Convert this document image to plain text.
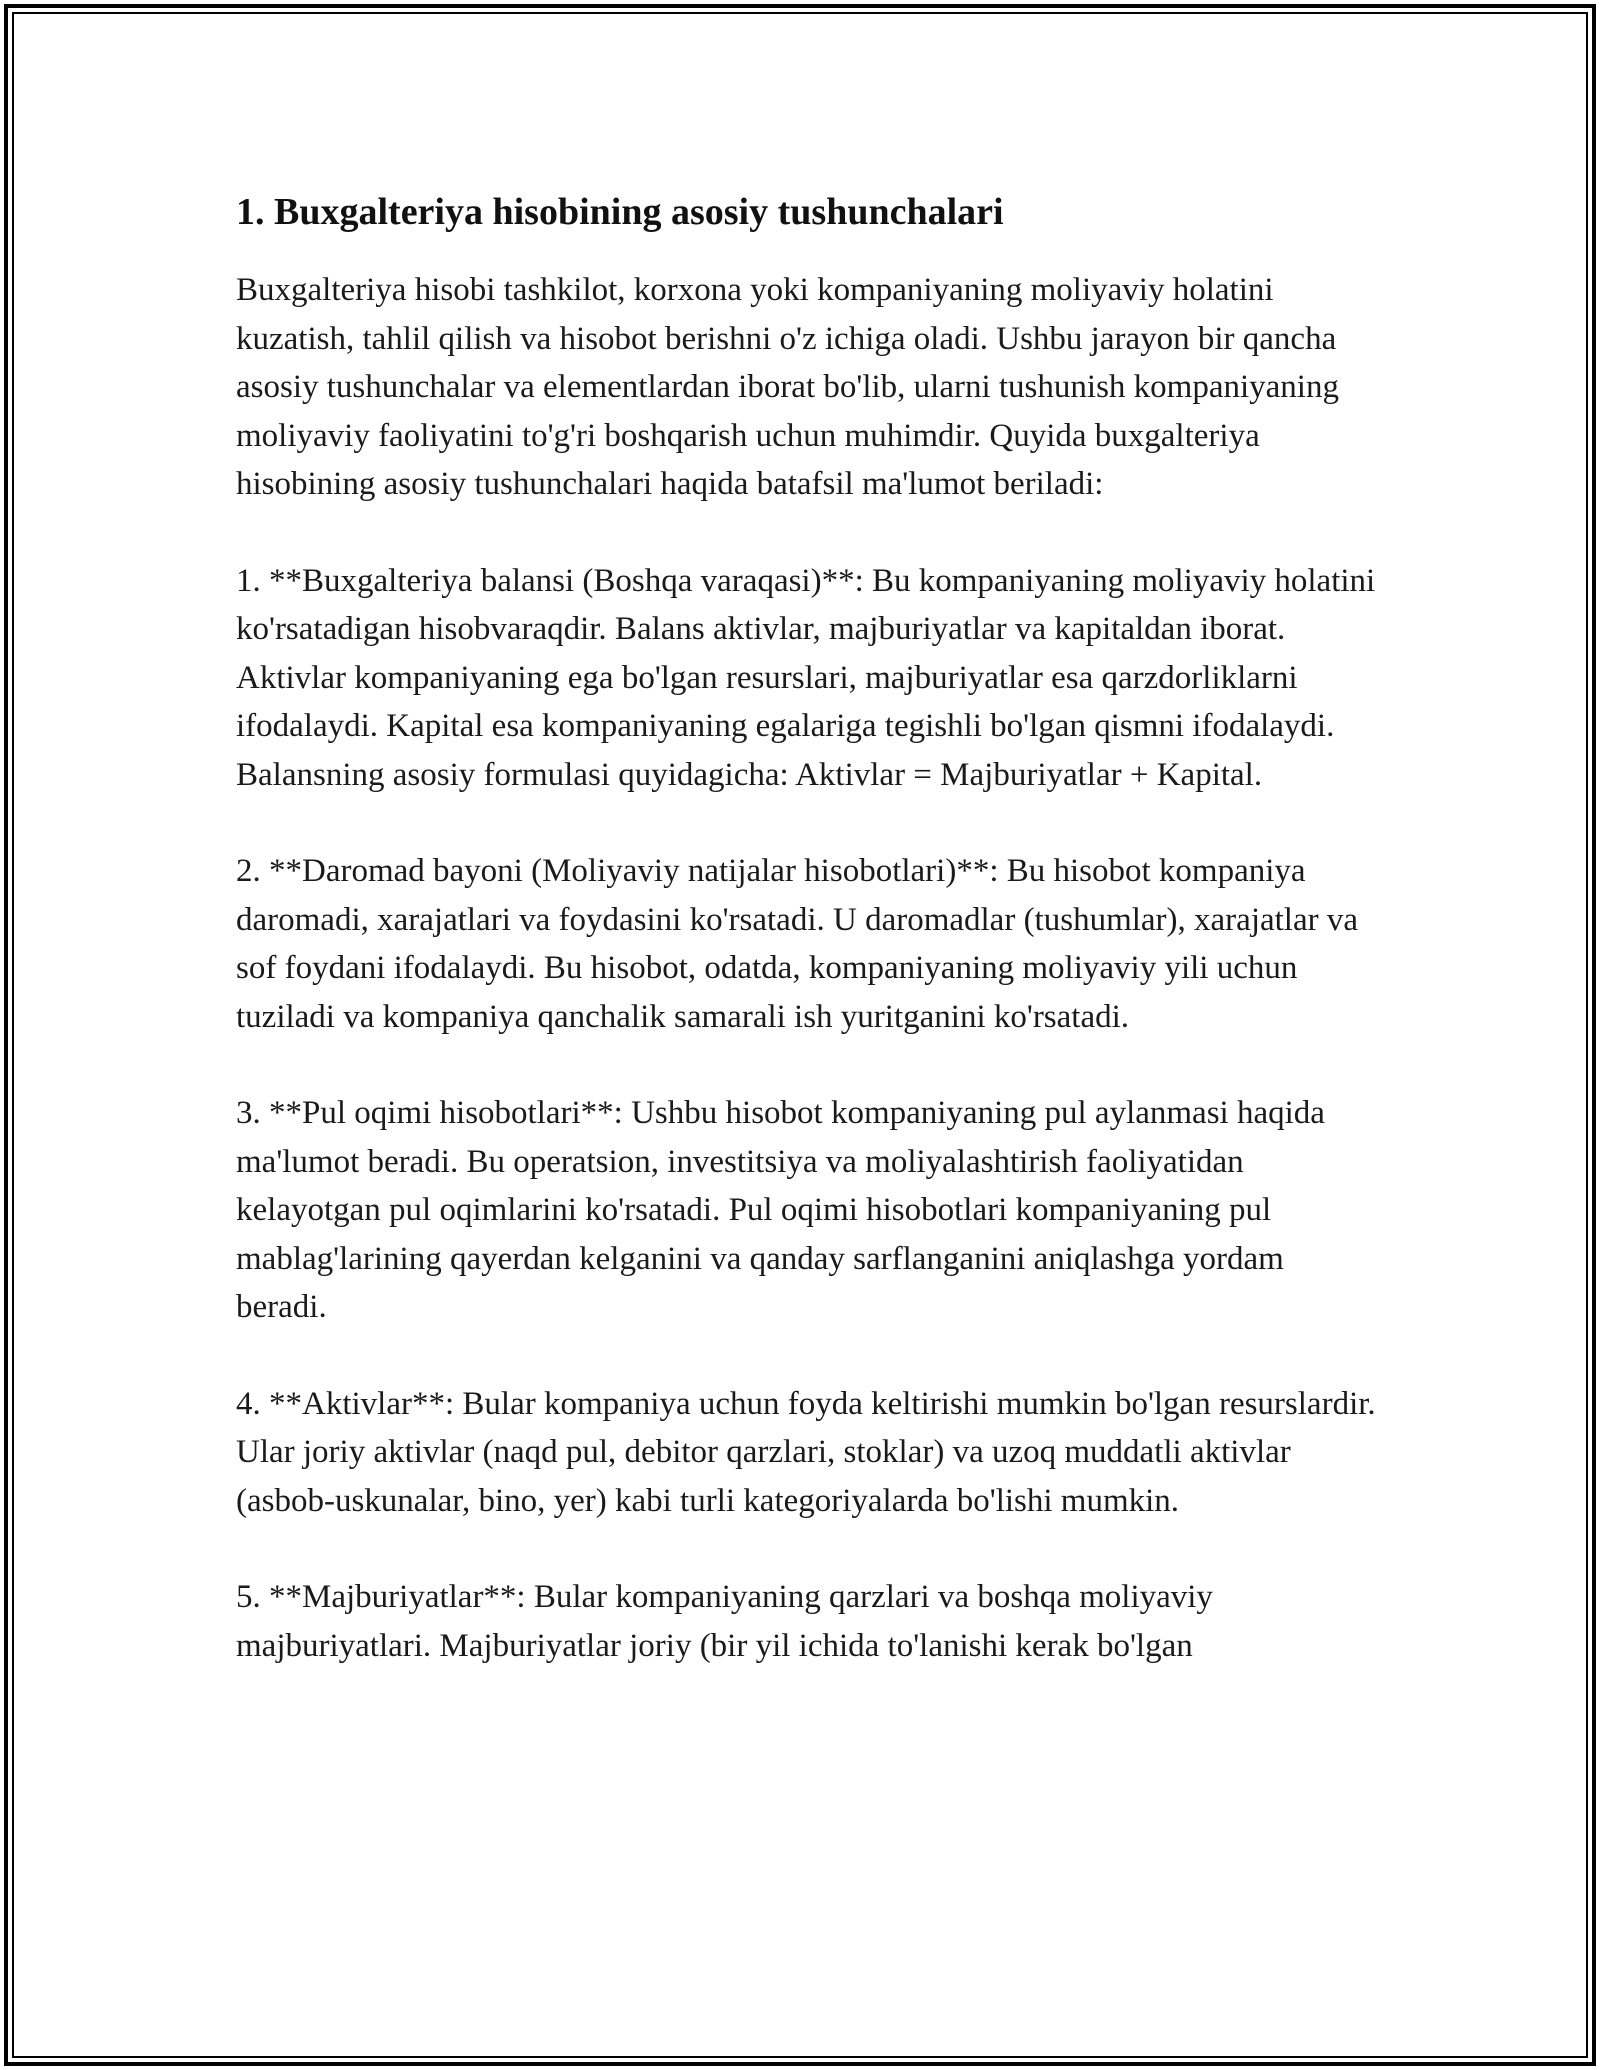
1. Buxgalteriya hisobining asosiy tushunchalari

Buxgalteriya hisobi tashkilot, korxona yoki kompaniyaning moliyaviy holatini kuzatish, tahlil qilish va hisobot berishni o'z ichiga oladi. Ushbu jarayon bir qancha asosiy tushunchalar va elementlardan iborat bo'lib, ularni tushunish kompaniyaning moliyaviy faoliyatini to'g'ri boshqarish uchun muhimdir. Quyida buxgalteriya hisobining asosiy tushunchalari haqida batafsil ma'lumot beriladi:

1. **Buxgalteriya balansi (Boshqa varaqasi)**: Bu kompaniyaning moliyaviy holatini ko'rsatadigan hisobvaraqdir. Balans aktivlar, majburiyatlar va kapitaldan iborat. Aktivlar kompaniyaning ega bo'lgan resurslari, majburiyatlar esa qarzdorliklarni ifodalaydi. Kapital esa kompaniyaning egalariga tegishli bo'lgan qismni ifodalaydi. Balansning asosiy formulasi quyidagicha: Aktivlar = Majburiyatlar + Kapital.

2. **Daromad bayoni (Moliyaviy natijalar hisobotlari)**: Bu hisobot kompaniya daromadi, xarajatlari va foydasini ko'rsatadi. U daromadlar (tushumlar), xarajatlar va sof foydani ifodalaydi. Bu hisobot, odatda, kompaniyaning moliyaviy yili uchun tuziladi va kompaniya qanchalik samarali ish yuritganini ko'rsatadi.

3. **Pul oqimi hisobotlari**: Ushbu hisobot kompaniyaning pul aylanmasi haqida ma'lumot beradi. Bu operatsion, investitsiya va moliyalashtirish faoliyatidan kelayotgan pul oqimlarini ko'rsatadi. Pul oqimi hisobotlari kompaniyaning pul mablag'larining qayerdan kelganini va qanday sarflanganini aniqlashga yordam beradi.

4. **Aktivlar**: Bular kompaniya uchun foyda keltirishi mumkin bo'lgan resurslardir. Ular joriy aktivlar (naqd pul, debitor qarzlari, stoklar) va uzoq muddatli aktivlar (asbob-uskunalar, bino, yer) kabi turli kategoriyalarda bo'lishi mumkin.

5. **Majburiyatlar**: Bular kompaniyaning qarzlari va boshqa moliyaviy majburiyatlari. Majburiyatlar joriy (bir yil ichida to'lanishi kerak bo'lgan
